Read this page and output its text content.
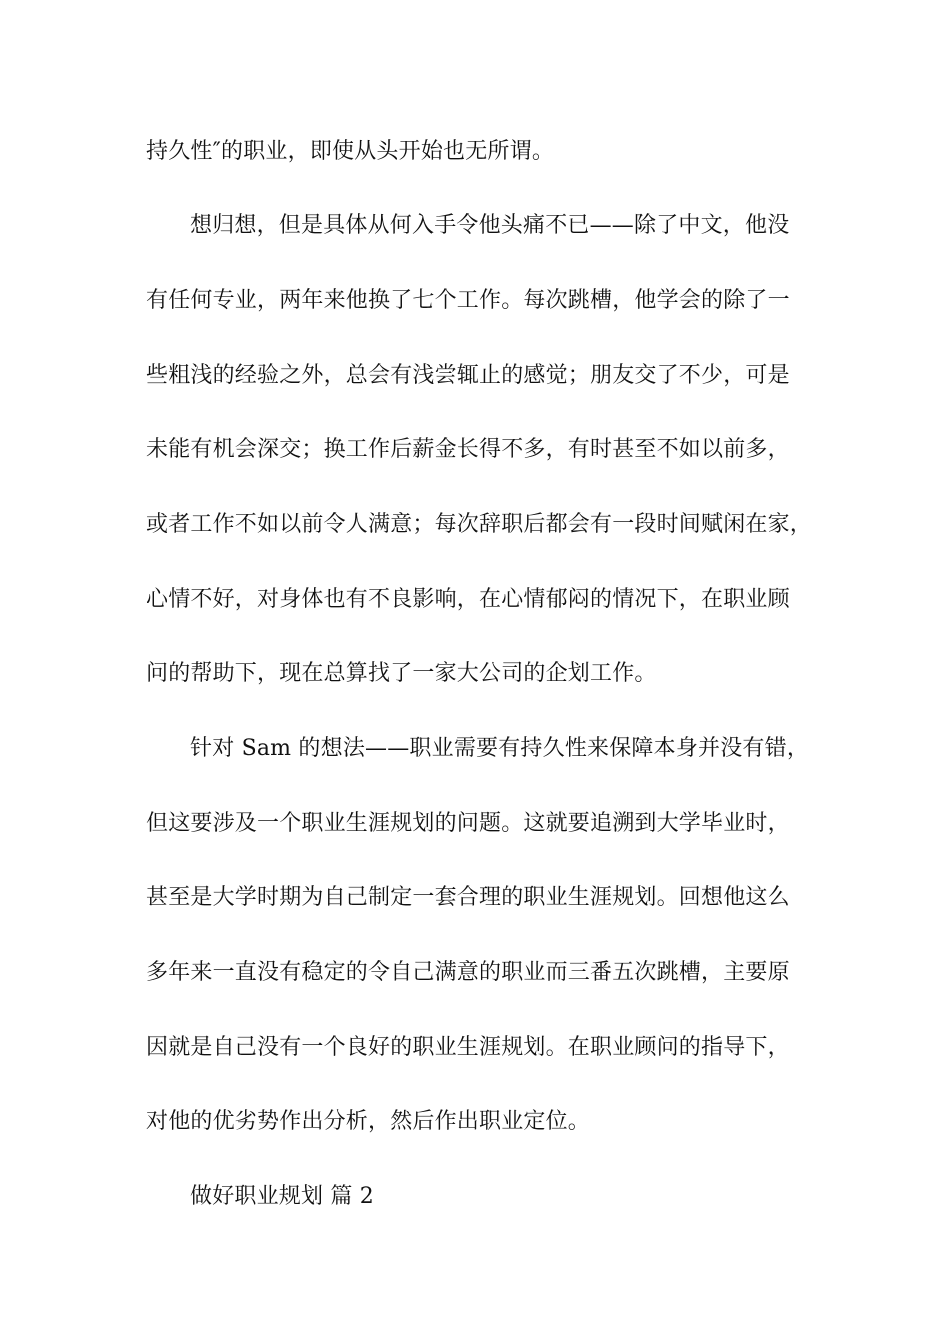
持久性″的职业，即使从头开始也无所谓。
想归想，但是具体从何入手令他头痛不已——除了中文，他没
有任何专业，两年来他换了七个工作。每次跳槽，他学会的除了一
些粗浅的经验之外，总会有浅尝辄止的感觉；朋友交了不少，可是
未能有机会深交；换工作后薪金长得不多，有时甚至不如以前多，
或者工作不如以前令人满意；每次辞职后都会有一段时间赋闲在家，
心情不好，对身体也有不良影响，在心情郁闷的情况下，在职业顾
问的帮助下，现在总算找了一家大公司的企划工作。
针对 Sam 的想法——职业需要有持久性来保障本身并没有错，
但这要涉及一个职业生涯规划的问题。这就要追溯到大学毕业时，
甚至是大学时期为自己制定一套合理的职业生涯规划。回想他这么
多年来一直没有稳定的令自己满意的职业而三番五次跳槽，主要原
因就是自己没有一个良好的职业生涯规划。在职业顾问的指导下，
对他的优劣势作出分析，然后作出职业定位。
做好职业规划 篇 2
